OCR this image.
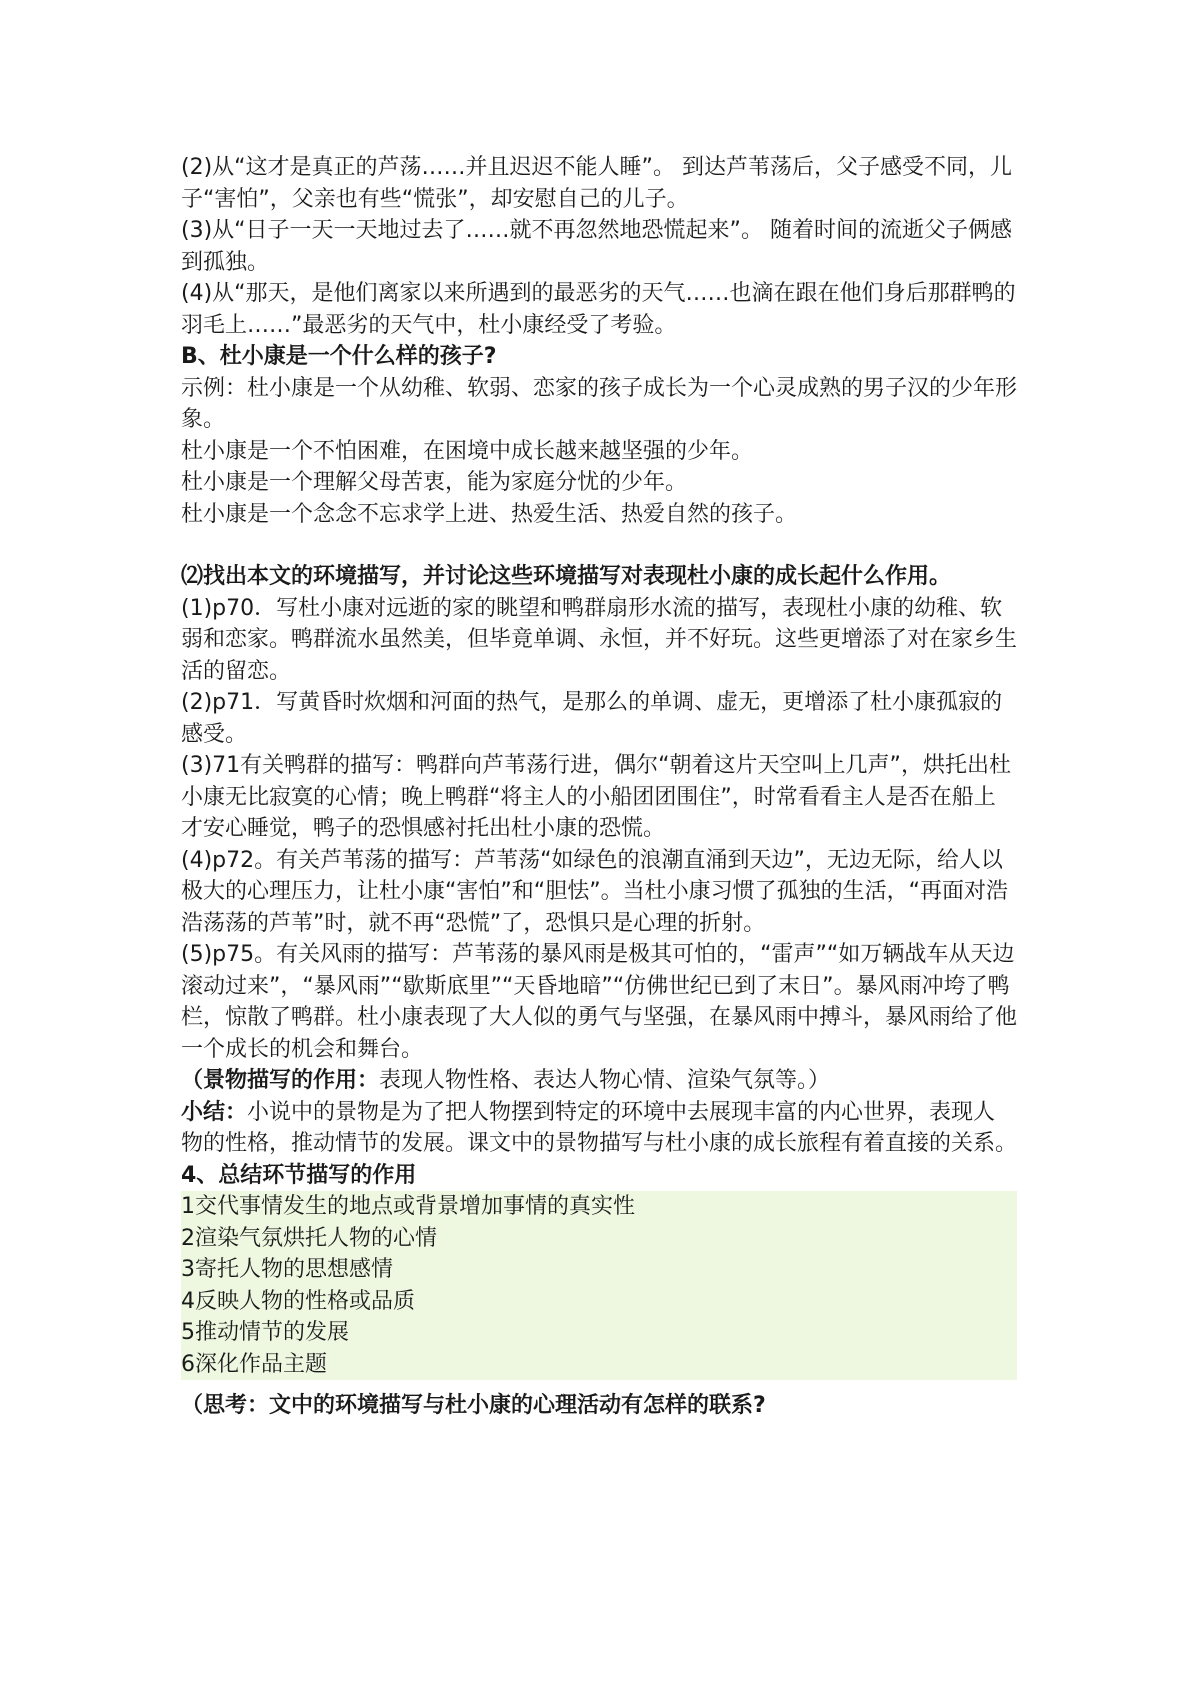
(2)从“这才是真正的芦荡……并且迟迟不能人睡”。 到达芦苇荡后，父子感受不同，儿子“害怕”，父亲也有些“慌张”，却安慰自己的儿子。

(3)从“日子一天一天地过去了……就不再忽然地恐慌起来”。 随着时间的流逝父子俩感到孤独。

(4)从“那天，是他们离家以来所遇到的最恶劣的天气……也滴在跟在他们身后那群鸭的羽毛上……”最恶劣的天气中，杜小康经受了考验。

B、杜小康是一个什么样的孩子?

示例：杜小康是一个从幼稚、软弱、恋家的孩子成长为一个心灵成熟的男子汉的少年形象。

杜小康是一个不怕困难，在困境中成长越来越坚强的少年。

杜小康是一个理解父母苦衷，能为家庭分忧的少年。

杜小康是一个念念不忘求学上进、热爱生活、热爱自然的孩子。

⑵找出本文的环境描写，并讨论这些环境描写对表现杜小康的成长起什么作用。

(1)p70．写杜小康对远逝的家的眺望和鸭群扇形水流的描写，表现杜小康的幼稚、软弱和恋家。鸭群流水虽然美，但毕竟单调、永恒，并不好玩。这些更增添了对在家乡生活的留恋。

(2)p71．写黄昏时炊烟和河面的热气，是那么的单调、虚无，更增添了杜小康孤寂的感受。

(3)71有关鸭群的描写：鸭群向芦苇荡行进，偶尔“朝着这片天空叫上几声”，烘托出杜小康无比寂寞的心情；晚上鸭群“将主人的小船团团围住”，时常看看主人是否在船上才安心睡觉，鸭子的恐惧感衬托出杜小康的恐慌。

(4)p72。有关芦苇荡的描写：芦苇荡“如绿色的浪潮直涌到天边”，无边无际，给人以极大的心理压力，让杜小康“害怕”和“胆怯”。当杜小康习惯了孤独的生活，“再面对浩浩荡荡的芦苇”时，就不再“恐慌”了，恐惧只是心理的折射。

(5)p75。有关风雨的描写：芦苇荡的暴风雨是极其可怕的，“雷声”“如万辆战车从天边滚动过来”，“暴风雨”“歇斯底里”“天昏地暗”“仿佛世纪已到了末日”。暴风雨冲垮了鸭栏，惊散了鸭群。杜小康表现了大人似的勇气与坚强，在暴风雨中搏斗，暴风雨给了他一个成长的机会和舞台。

（景物描写的作用：表现人物性格、表达人物心情、渲染气氛等。）

小结：小说中的景物是为了把人物摆到特定的环境中去展现丰富的内心世界，表现人物的性格，推动情节的发展。课文中的景物描写与杜小康的成长旅程有着直接的关系。

4、总结环节描写的作用

1交代事情发生的地点或背景增加事情的真实性

2渲染气氛烘托人物的心情

3寄托人物的思想感情

4反映人物的性格或品质

5推动情节的发展

6深化作品主题

（思考：文中的环境描写与杜小康的心理活动有怎样的联系?
